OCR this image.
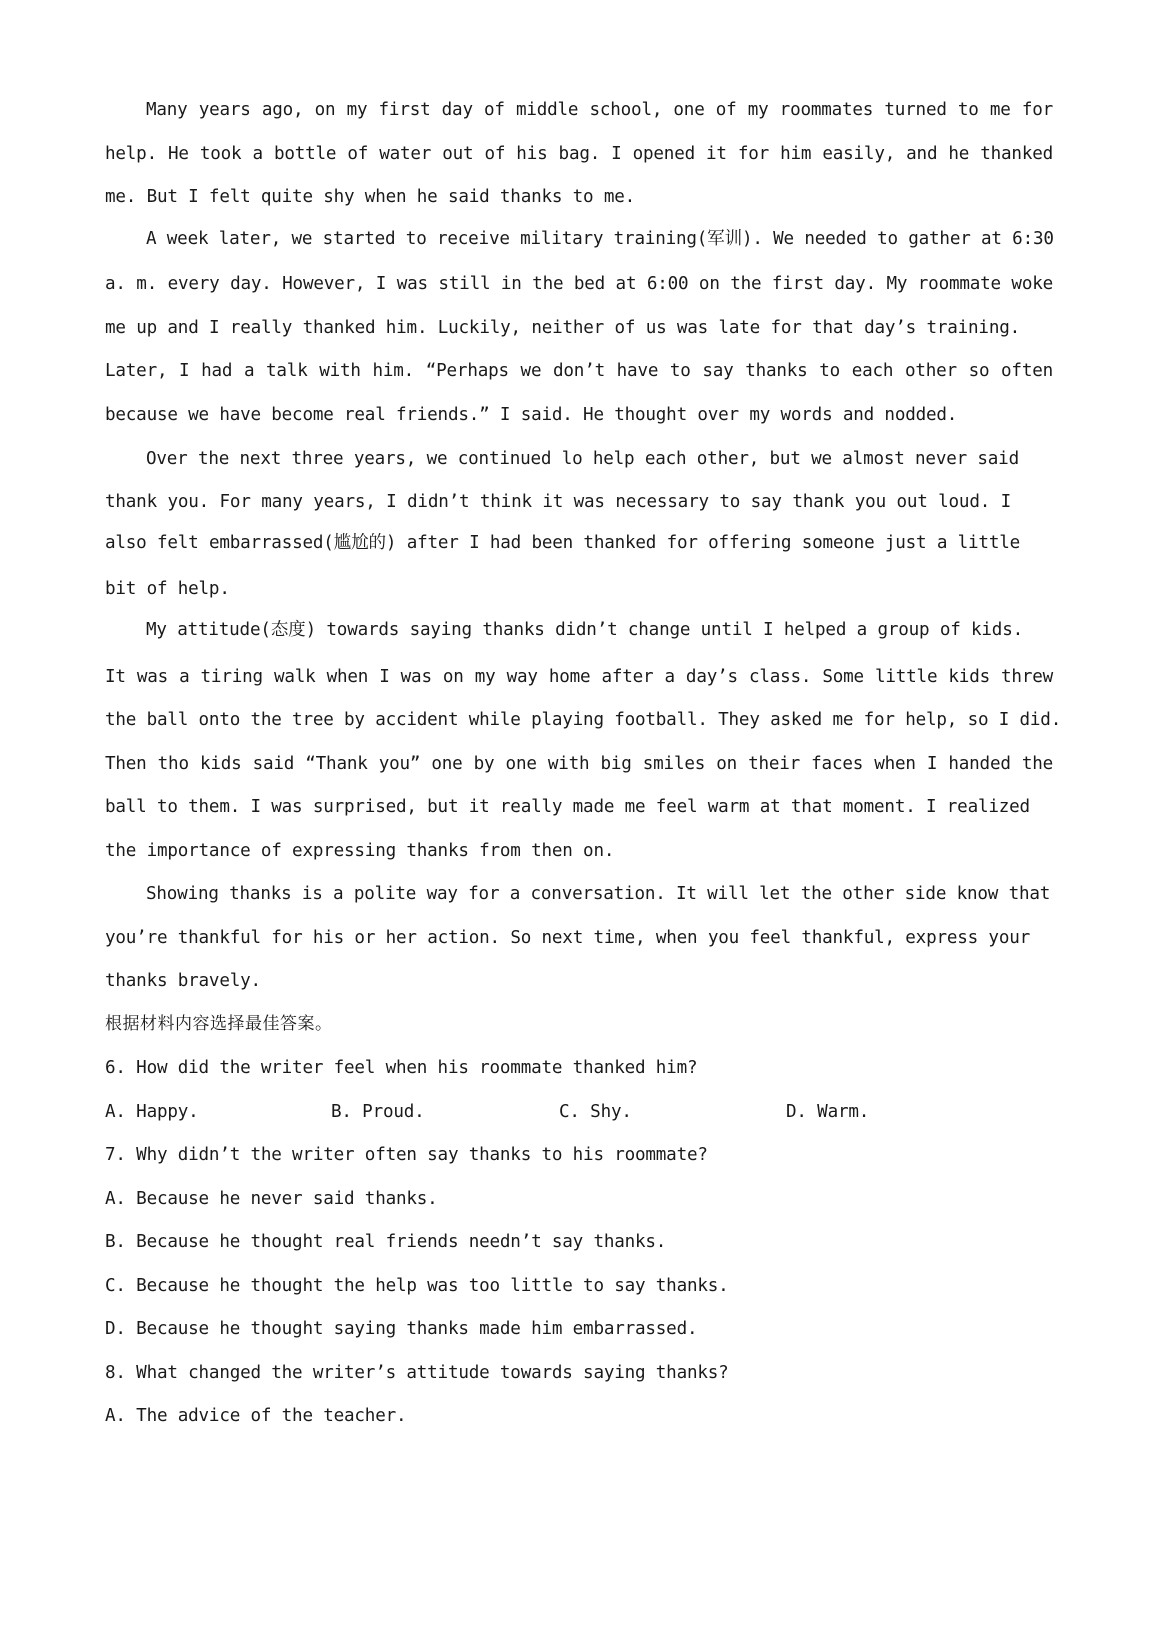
Many years ago, on my first day of middle school, one of my roommates turned to me for
help. He took a bottle of water out of his bag. I opened it for him easily, and he thanked
me. But I felt quite shy when he said thanks to me.
A week later, we started to receive military training(军训). We needed to gather at 6:30
a. m. every day. However, I was still in the bed at 6:00 on the first day. My roommate woke
me up and I really thanked him. Luckily, neither of us was late for that day’s training.
Later, I had a talk with him. “Perhaps we don’t have to say thanks to each other so often
because we have become real friends.” I said. He thought over my words and nodded.
Over the next three years, we continued lo help each other, but we almost never said
thank you. For many years, I didn’t think it was necessary to say thank you out loud. I
also felt embarrassed(尴尬的) after I had been thanked for offering someone just a little
bit of help.
My attitude(态度) towards saying thanks didn’t change until I helped a group of kids.
It was a tiring walk when I was on my way home after a day’s class. Some little kids threw
the ball onto the tree by accident while playing football. They asked me for help, so I did.
Then tho kids said “Thank you” one by one with big smiles on their faces when I handed the
ball to them. I was surprised, but it really made me feel warm at that moment. I realized
the importance of expressing thanks from then on.
Showing thanks is a polite way for a conversation. It will let the other side know that
you’re thankful for his or her action. So next time, when you feel thankful, express your
thanks bravely.
根据材料内容选择最佳答案。
6. How did the writer feel when his roommate thanked him?
A. Happy.	B. Proud.	C. Shy.	D. Warm.
7. Why didn’t the writer often say thanks to his roommate?
A. Because he never said thanks.
B. Because he thought real friends needn’t say thanks.
C. Because he thought the help was too little to say thanks.
D. Because he thought saying thanks made him embarrassed.
8. What changed the writer’s attitude towards saying thanks?
A. The advice of the teacher.
